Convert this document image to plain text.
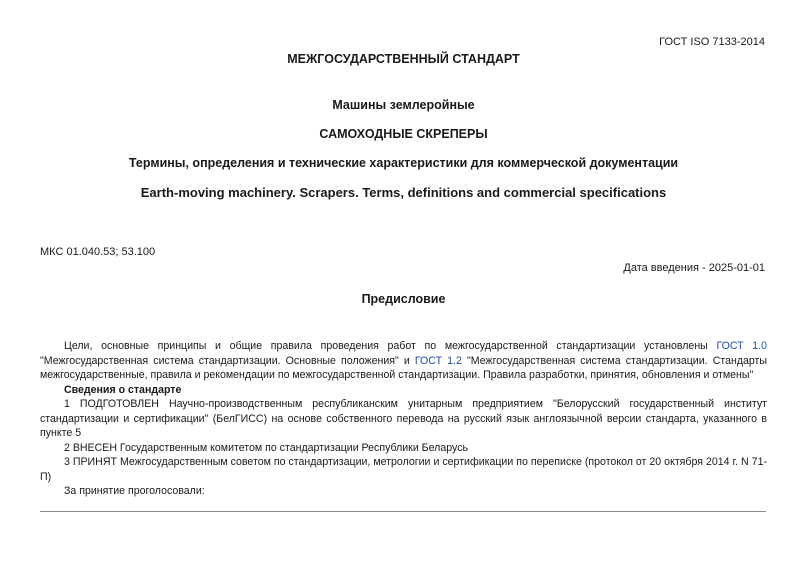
ГОСТ ISO 7133-2014
МЕЖГОСУДАРСТВЕННЫЙ СТАНДАРТ
Машины землеройные
САМОХОДНЫЕ СКРЕПЕРЫ
Термины, определения и технические характеристики для коммерческой документации
Earth-moving machinery. Scrapers. Terms, definitions and commercial specifications
МКС 01.040.53; 53.100
Дата введения - 2025-01-01
Предисловие

Цели, основные принципы и общие правила проведения работ по межгосударственной стандартизации установлены ГОСТ 1.0 "Межгосударственная система стандартизации. Основные положения" и ГОСТ 1.2 "Межгосударственная система стандартизации. Стандарты межгосударственные, правила и рекомендации по межгосударственной стандартизации. Правила разработки, принятия, обновления и отмены"

Сведения о стандарте

1 ПОДГОТОВЛЕН Научно-производственным республиканским унитарным предприятием "Белорусский государственный институт стандартизации и сертификации" (БелГИСС) на основе собственного перевода на русский язык англоязычной версии стандарта, указанного в пункте 5

2 ВНЕСЕН Государственным комитетом по стандартизации Республики Беларусь

3 ПРИНЯТ Межгосударственным советом по стандартизации, метрологии и сертификации по переписке (протокол от 20 октября 2014 г. N 71-П)

За принятие проголосовали:
